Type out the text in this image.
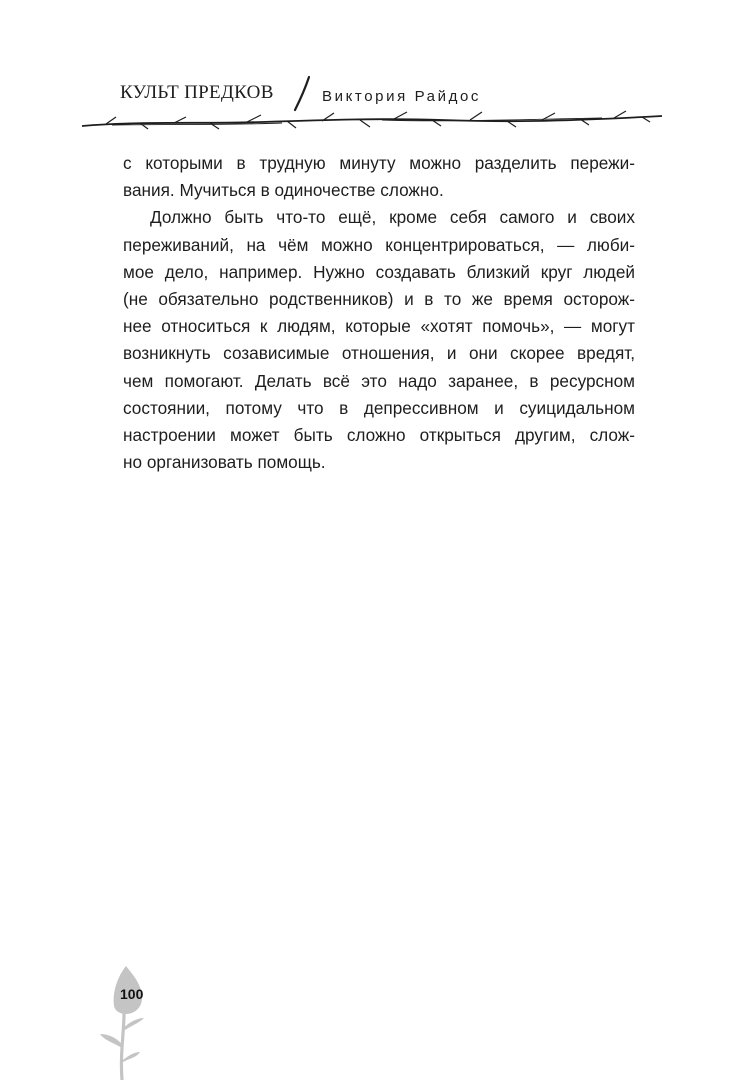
КУЛЬТ ПРЕДКОВ	Виктория Райдос
с которыми в трудную минуту можно разделить пережи-
вания. Мучиться в одиночестве сложно.
Должно быть что-то ещё, кроме себя самого и своих
переживаний, на чём можно концентрироваться, — люби-
мое дело, например. Нужно создавать близкий круг людей
(не обязательно родственников) и в то же время осторож-
нее относиться к людям, которые «хотят помочь», — могут
возникнуть созависимые отношения, и они скорее вредят,
чем помогают. Делать всё это надо заранее, в ресурсном
состоянии, потому что в депрессивном и суицидальном
настроении может быть сложно открыться другим, слож-
но организовать помощь.
100
